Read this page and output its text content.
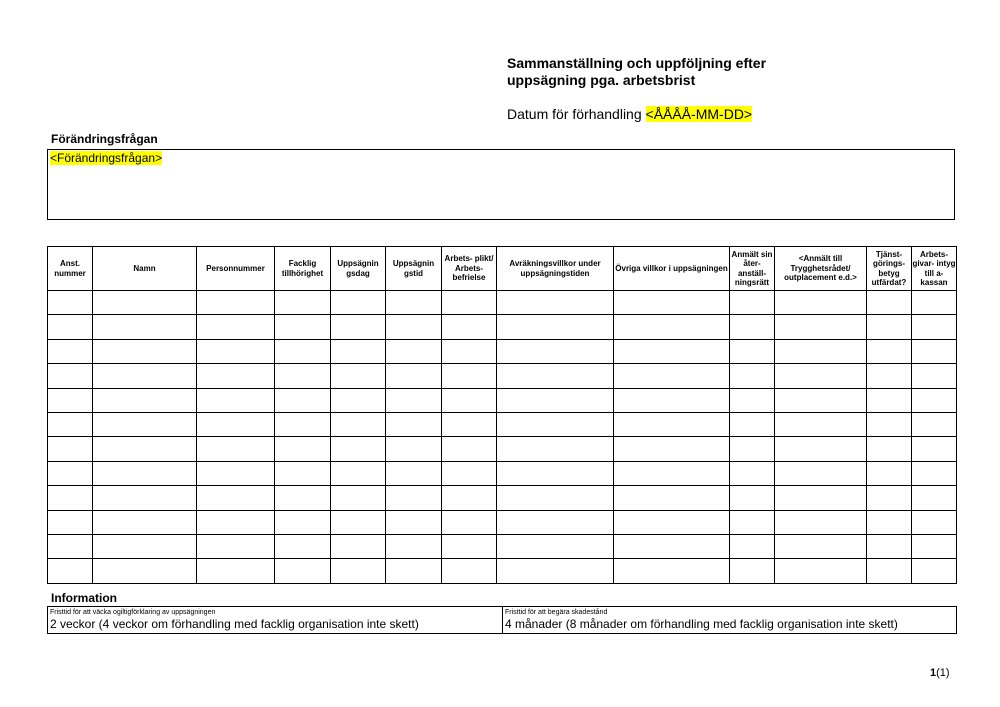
Sammanställning och uppföljning efter
uppsägning pga. arbetsbrist
Datum för förhandling <ÅÅÅÅ-MM-DD>
Förändringsfrågan
<Förändringsfrågan>
Anst. nummer	Namn	Personnummer	Facklig tillhörighet	Uppsägnin gsdag	Uppsägnin gstid	Arbets- plikt/ Arbets- befrielse	Avräkningsvillkor under uppsägningstiden	Övriga villkor i uppsägningen	Anmält sin åter- anställ- ningsrätt	<Anmält till Trygghetsrådet/ outplacement e.d.>	Tjänst- görings- betyg utfärdat?	Arbets- givar- intyg till a-kassan

Information
Fristtid för att väcka ogiltigförklaring av uppsägningen
2 veckor (4 veckor om förhandling med facklig organisation inte skett)

Fristtid för att begära skadestånd
4 månader (8 månader om förhandling med facklig organisation inte skett)
1(1)
